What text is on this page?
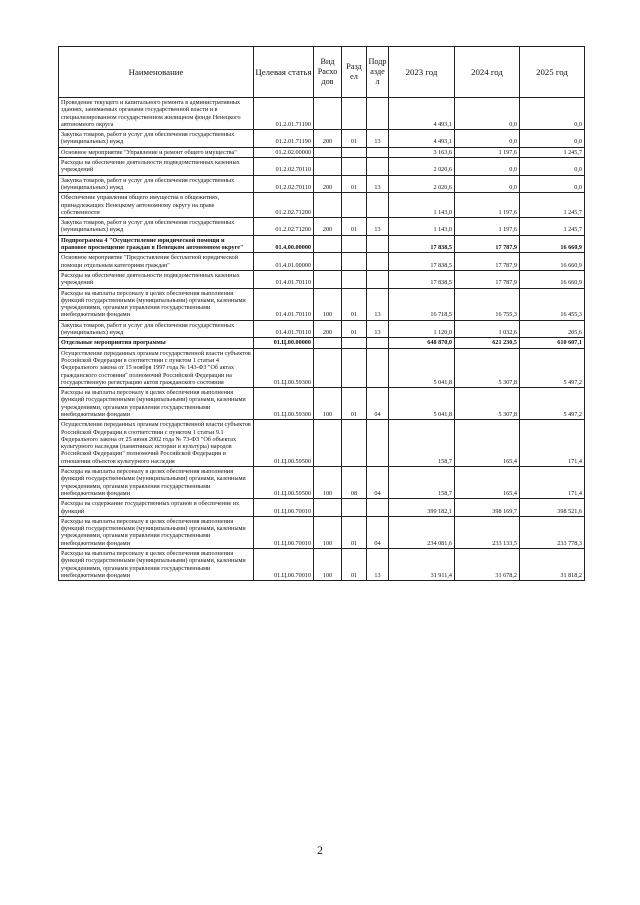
Наименование	Целевая статья	Вид Расхо дов	Разд ел	Подр азде л	2023 год	2024 год	2025 год
Проведение текущего и капитального ремонта в административных зданиях, занимаемых органами государственной власти и в специализированном государственном жилищном фонде Ненецкого автономного округа	01.2.01.71190				4 493,1	0,0	0,0
Закупка товаров, работ и услуг для обеспечения государственных (муниципальных) нужд	01.2.01.71190	200	01	13	4 493,1	0,0	0,0
Основное мероприятие "Управление и ремонт общего имущества"	01.2.02.00000				3 163,6	1 197,6	1 245,7
Расходы на обеспечение деятельности подведомственных казенных учреждений	01.2.02.70110				2 020,6	0,0	0,0
Закупка товаров, работ и услуг для обеспечения государственных (муниципальных) нужд	01.2.02.70110	200	01	13	2 020,6	0,0	0,0
Обеспечение управления общего имущества в общежитиях, принадлежащих Ненецкому автономному округу на праве собственности	01.2.02.71200				1 143,0	1 197,6	1 245,7
Закупка товаров, работ и услуг для обеспечения государственных (муниципальных) нужд	01.2.02.71200	200	01	13	1 143,0	1 197,6	1 245,7
Подпрограмма 4 "Осуществление юридической помощи и правовое просвещение граждан в Ненецком автономном округе"	01.4.00.00000				17 838,5	17 787,9	16 660,9
Основное мероприятие "Предоставление бесплатной юридической помощи отдельным категориям граждан"	01.4.01.00000				17 838,5	17 787,9	16 660,9
Расходы на обеспечение деятельности подведомственных казенных учреждений	01.4.01.70110				17 838,5	17 787,9	16 660,9
Расходы на выплаты персоналу в целях обеспечения выполнения функций государственными (муниципальными) органами, казенными учреждениями, органами управления государственными внебюджетными фондами	01.4.01.70110	100	01	13	16 718,5	16 755,3	16 455,3
Закупка товаров, работ и услуг для обеспечения государственных (муниципальных) нужд	01.4.01.70110	200	01	13	1 120,0	1 032,6	205,6
Отдельные мероприятия программы	01.Ц.00.00000				648 870,0	621 230,5	610 607,1
Осуществление переданных органам государственной власти субъектов Российской Федерации в соответствии с пунктом 1 статьи 4 Федерального закона от 15 ноября 1997 года № 143-ФЗ "Об актах гражданского состояния" полномочий Российской Федерации на государственную регистрацию актов гражданского состояния	01.Ц.00.59300				5 041,8	5 307,8	5 497,2
Расходы на выплаты персоналу в целях обеспечения выполнения функций государственными (муниципальными) органами, казенными учреждениями, органами управления государственными внебюджетными фондами	01.Ц.00.59300	100	01	04	5 041,8	5 307,8	5 497,2
Осуществление переданных органам государственной власти субъектов Российской Федерации в соответствии с пунктом 1 статьи 9.1 Федерального закона от 25 июня 2002 года № 73-ФЗ "Об объектах культурного наследия (памятниках истории и культуры) народов Российской Федерации" полномочий Российской Федерации в отношении объектов культурного наследия	01.Ц.00.59500				158,7	165,4	171,4
Расходы на выплаты персоналу в целях обеспечения выполнения функций государственными (муниципальными) органами, казенными учреждениями, органами управления государственными внебюджетными фондами	01.Ц.00.59500	100	08	04	158,7	165,4	171,4
Расходы на содержание государственных органов и обеспечение их функций	01.Ц.00.70010				399 182,1	398 169,7	398 521,6
Расходы на выплаты персоналу в целях обеспечения выполнения функций государственными (муниципальными) органами, казенными учреждениями, органами управления государственными внебюджетными фондами	01.Ц.00.70010	100	01	04	234 081,6	233 133,5	233 778,3
Расходы на выплаты персоналу в целях обеспечения выполнения функций государственными (муниципальными) органами, казенными учреждениями, органами управления государственными внебюджетными фондами	01.Ц.00.70010	100	01	13	31 911,4	31 678,2	31 818,2
2
